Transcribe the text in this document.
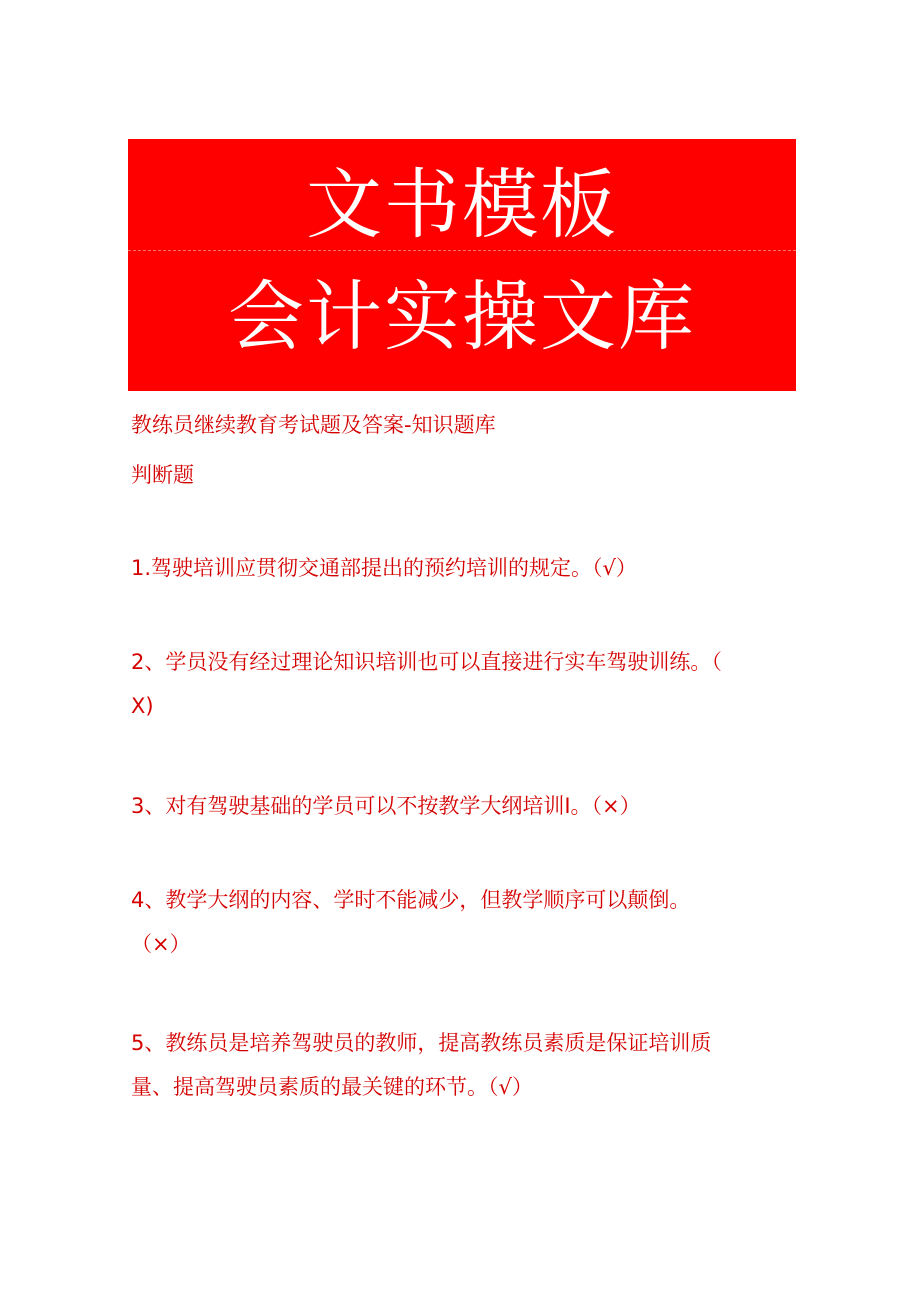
文书模板
会计实操文库
教练员继续教育考试题及答案-知识题库
判断题
1.驾驶培训应贯彻交通部提出的预约培训的规定。（√）
2、学员没有经过理论知识培训也可以直接进行实车驾驶训练。（
X)
3、对有驾驶基础的学员可以不按教学大纲培训I。（×）
4、教学大纲的内容、学时不能减少，但教学顺序可以颠倒。
（×）
5、教练员是培养驾驶员的教师，提高教练员素质是保证培训质
量、提高驾驶员素质的最关键的环节。（√）
